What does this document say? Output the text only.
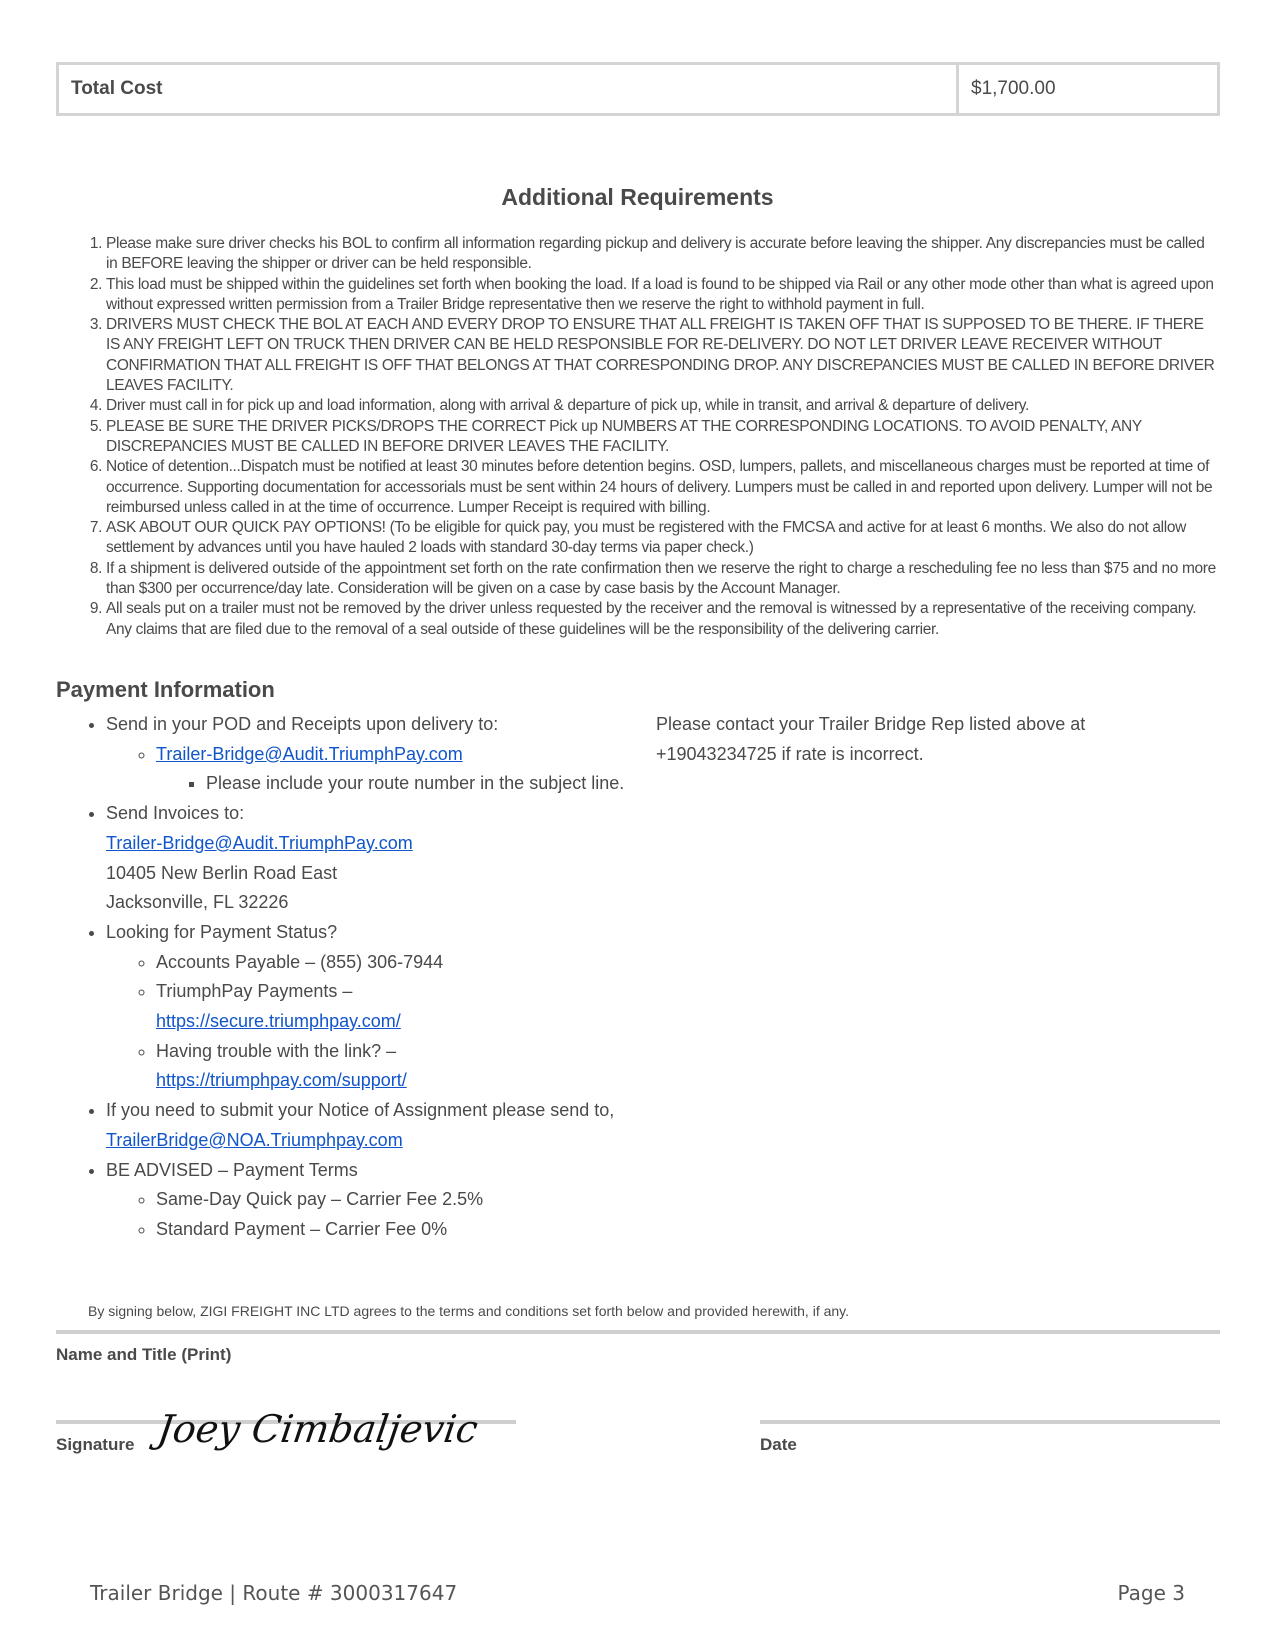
Total Cost	$1,700.00
Additional Requirements
1. Please make sure driver checks his BOL to confirm all information regarding pickup and delivery is accurate before leaving the shipper. Any discrepancies must be called in BEFORE leaving the shipper or driver can be held responsible.
2. This load must be shipped within the guidelines set forth when booking the load. If a load is found to be shipped via Rail or any other mode other than what is agreed upon without expressed written permission from a Trailer Bridge representative then we reserve the right to withhold payment in full.
3. DRIVERS MUST CHECK THE BOL AT EACH AND EVERY DROP TO ENSURE THAT ALL FREIGHT IS TAKEN OFF THAT IS SUPPOSED TO BE THERE. IF THERE IS ANY FREIGHT LEFT ON TRUCK THEN DRIVER CAN BE HELD RESPONSIBLE FOR RE-DELIVERY. DO NOT LET DRIVER LEAVE RECEIVER WITHOUT CONFIRMATION THAT ALL FREIGHT IS OFF THAT BELONGS AT THAT CORRESPONDING DROP. ANY DISCREPANCIES MUST BE CALLED IN BEFORE DRIVER LEAVES FACILITY.
4. Driver must call in for pick up and load information, along with arrival & departure of pick up, while in transit, and arrival & departure of delivery.
5. PLEASE BE SURE THE DRIVER PICKS/DROPS THE CORRECT Pick up NUMBERS AT THE CORRESPONDING LOCATIONS. TO AVOID PENALTY, ANY DISCREPANCIES MUST BE CALLED IN BEFORE DRIVER LEAVES THE FACILITY.
6. Notice of detention...Dispatch must be notified at least 30 minutes before detention begins. OSD, lumpers, pallets, and miscellaneous charges must be reported at time of occurrence. Supporting documentation for accessorials must be sent within 24 hours of delivery. Lumpers must be called in and reported upon delivery. Lumper will not be reimbursed unless called in at the time of occurrence. Lumper Receipt is required with billing.
7. ASK ABOUT OUR QUICK PAY OPTIONS! (To be eligible for quick pay, you must be registered with the FMCSA and active for at least 6 months. We also do not allow settlement by advances until you have hauled 2 loads with standard 30-day terms via paper check.)
8. If a shipment is delivered outside of the appointment set forth on the rate confirmation then we reserve the right to charge a rescheduling fee no less than $75 and no more than $300 per occurrence/day late. Consideration will be given on a case by case basis by the Account Manager.
9. All seals put on a trailer must not be removed by the driver unless requested by the receiver and the removal is witnessed by a representative of the receiving company. Any claims that are filed due to the removal of a seal outside of these guidelines will be the responsibility of the delivering carrier.
Payment Information
• Send in your POD and Receipts upon delivery to:
◦ Trailer-Bridge@Audit.TriumphPay.com
▪ Please include your route number in the subject line.
• Send Invoices to:
Trailer-Bridge@Audit.TriumphPay.com
10405 New Berlin Road East
Jacksonville, FL 32226
• Looking for Payment Status?
◦ Accounts Payable – (855) 306-7944
◦ TriumphPay Payments –
https://secure.triumphpay.com/
◦ Having trouble with the link? –
https://triumphpay.com/support/
• If you need to submit your Notice of Assignment please send to, TrailerBridge@NOA.Triumphpay.com
• BE ADVISED – Payment Terms
◦ Same-Day Quick pay – Carrier Fee 2.5%
◦ Standard Payment – Carrier Fee 0%
Please contact your Trailer Bridge Rep listed above at +19043234725 if rate is incorrect.
By signing below, ZIGI FREIGHT INC LTD agrees to the terms and conditions set forth below and provided herewith, if any.
Name and Title (Print)
Signature Joey Cimbaljevic	Date
Trailer Bridge | Route # 3000317647	Page 3
